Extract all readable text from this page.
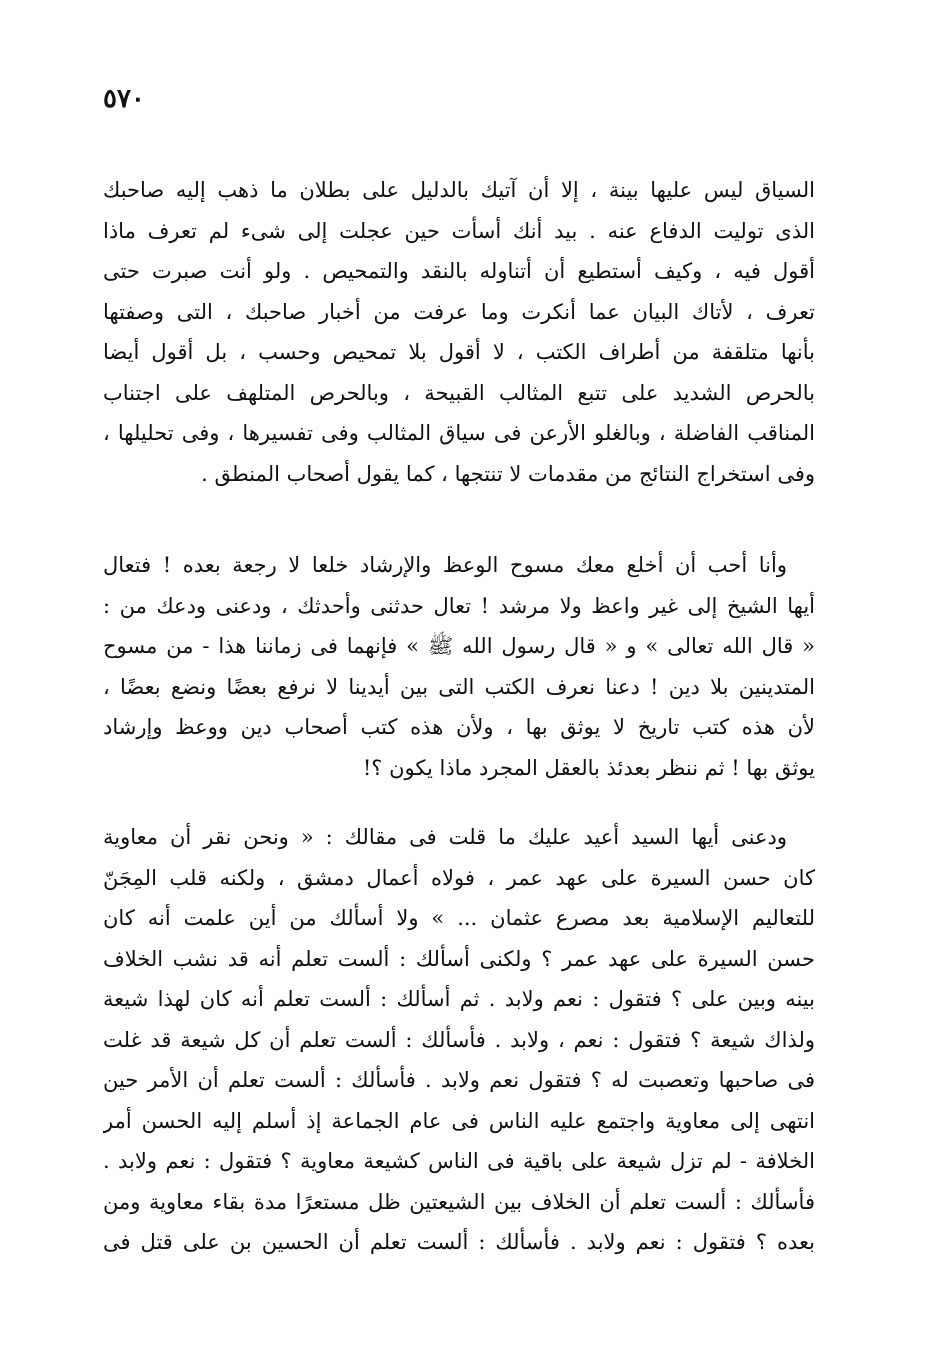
٥٧٠
السياق ليس عليها بينة ، إلا أن آتيك بالدليل على بطلان ما ذهب إليه صاحبك
الذى توليت الدفاع عنه . بيد أنك أسأت حين عجلت إلى شىء لم تعرف ماذا
أقول فيه ، وكيف أستطيع أن أتناوله بالنقد والتمحيص . ولو أنت صبرت حتى
تعرف ، لأتاك البيان عما أنكرت وما عرفت من أخبار صاحبك ، التى وصفتها
بأنها متلقفة من أطراف الكتب ، لا أقول بلا تمحيص وحسب ، بل أقول أيضا
بالحرص الشديد على تتبع المثالب القبيحة ، وبالحرص المتلهف على اجتناب
المناقب الفاضلة ، وبالغلو الأرعن فى سياق المثالب وفى تفسيرها ، وفى تحليلها ،
وفى استخراج النتائج من مقدمات لا تنتجها ، كما يقول أصحاب المنطق .
وأنا أحب أن أخلع معك مسوح الوعظ والإرشاد خلعا لا رجعة بعده ! فتعال
أيها الشيخ إلى غير واعظ ولا مرشد ! تعال حدثنى وأحدثك ، ودعنى ودعك من :
« قال الله تعالى » و « قال رسول الله ﷺ » فإنهما فى زماننا هذا - من مسوح
المتدينين بلا دين ! دعنا نعرف الكتب التى بين أيدينا لا نرفع بعضًا ونضع بعضًا ،
لأن هذه كتب تاريخ لا يوثق بها ، ولأن هذه كتب أصحاب دين ووعظ وإرشاد
يوثق بها ! ثم ننظر بعدئذ بالعقل المجرد ماذا يكون ؟!
ودعنى أيها السيد أعيد عليك ما قلت فى مقالك : « ونحن نقر أن معاوية
كان حسن السيرة على عهد عمر ، فولاه أعمال دمشق ، ولكنه قلب المِجَنّ
للتعاليم الإسلامية بعد مصرع عثمان ... » ولا أسألك من أين علمت أنه كان
حسن السيرة على عهد عمر ؟ ولكنى أسألك : ألست تعلم أنه قد نشب الخلاف
بينه وبين على ؟ فتقول : نعم ولابد . ثم أسألك : ألست تعلم أنه كان لهذا شيعة
ولذاك شيعة ؟ فتقول : نعم ، ولابد . فأسألك : ألست تعلم أن كل شيعة قد غلت
فى صاحبها وتعصبت له ؟ فتقول نعم ولابد . فأسألك : ألست تعلم أن الأمر حين
انتهى إلى معاوية واجتمع عليه الناس فى عام الجماعة إذ أسلم إليه الحسن أمر
الخلافة - لم تزل شيعة على باقية فى الناس كشيعة معاوية ؟ فتقول : نعم ولابد .
فأسألك : ألست تعلم أن الخلاف بين الشيعتين ظل مستعرًا مدة بقاء معاوية ومن
بعده ؟ فتقول : نعم ولابد . فأسألك : ألست تعلم أن الحسين بن على قتل فى
